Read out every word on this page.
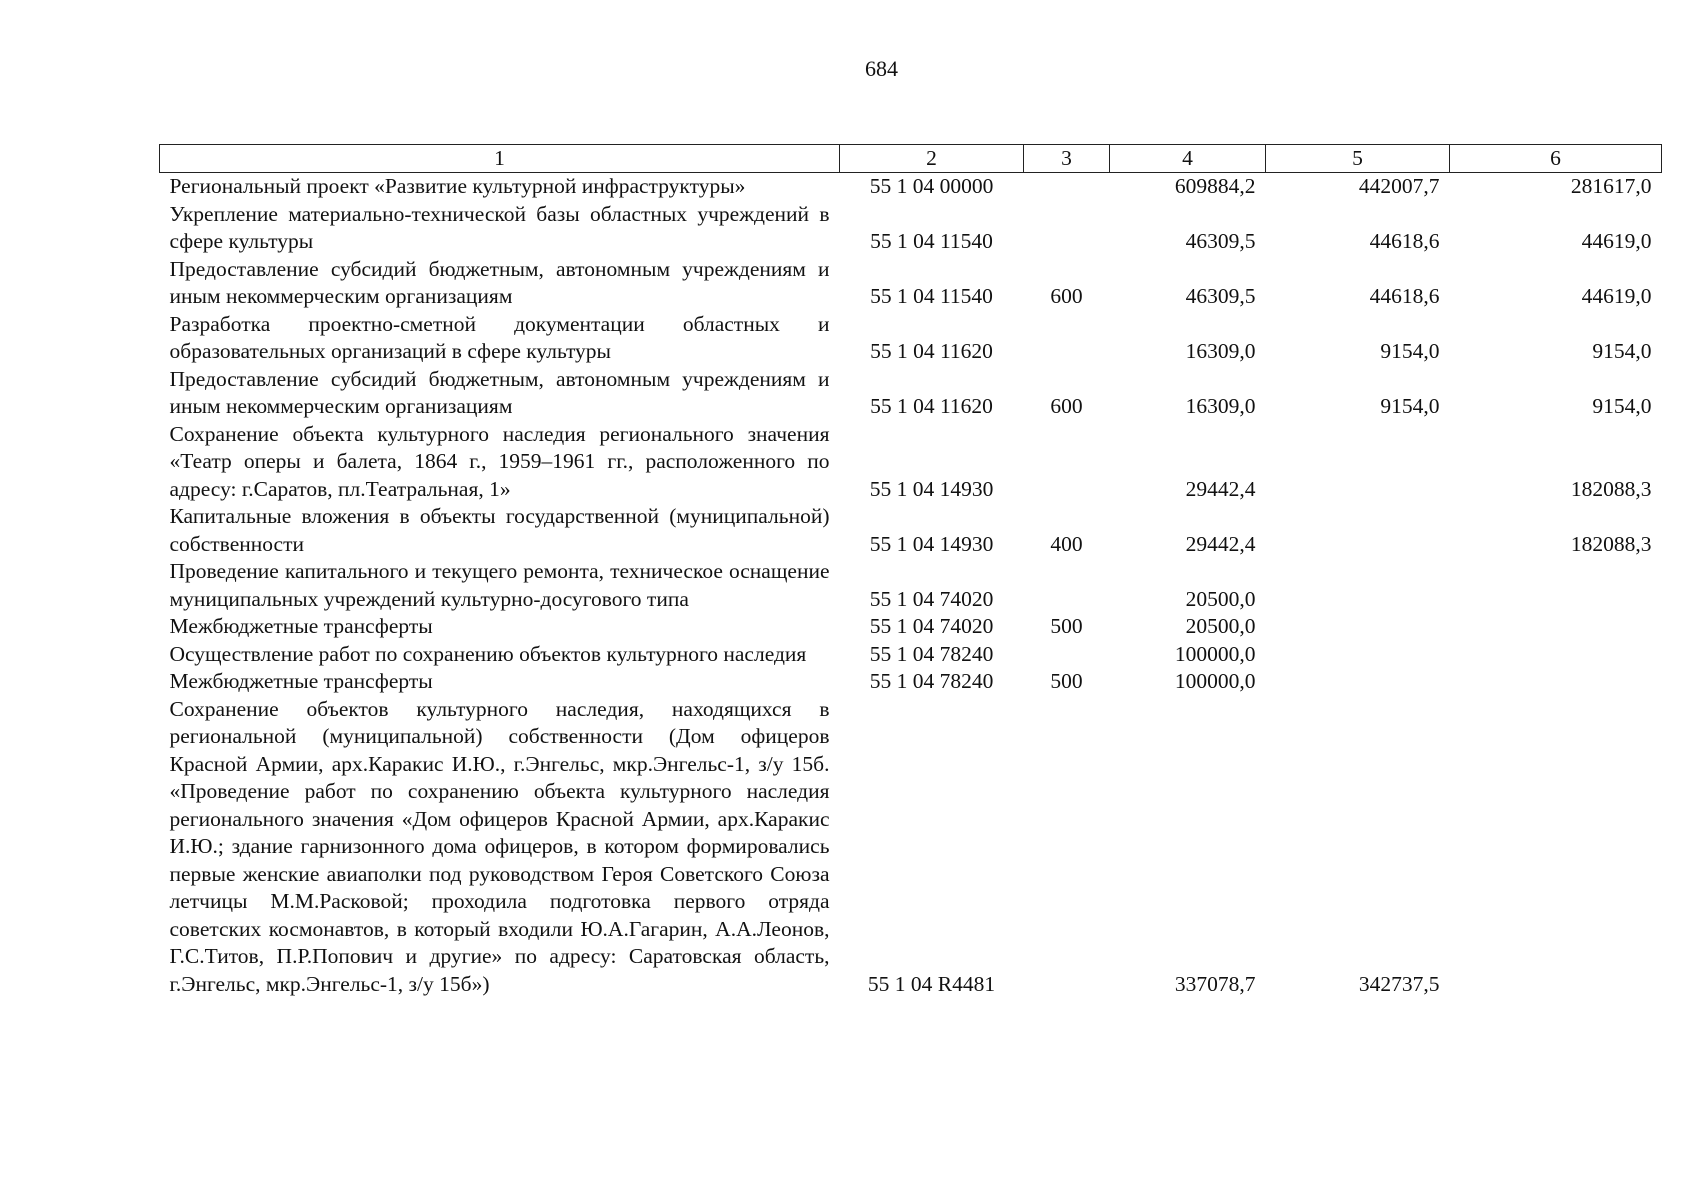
684
1	2	3	4	5	6
Региональный проект «Развитие культурной инфраструктуры»	55 1 04 00000		609884,2	442007,7	281617,0
Укрепление материально-технической базы областных учреждений в сфере культуры	55 1 04 11540		46309,5	44618,6	44619,0
Предоставление субсидий бюджетным, автономным учреждениям и иным некоммерческим организациям	55 1 04 11540	600	46309,5	44618,6	44619,0
Разработка проектно-сметной документации областных и образовательных организаций в сфере культуры	55 1 04 11620		16309,0	9154,0	9154,0
Предоставление субсидий бюджетным, автономным учреждениям и иным некоммерческим организациям	55 1 04 11620	600	16309,0	9154,0	9154,0
Сохранение объекта культурного наследия регионального значения «Театр оперы и балета, 1864 г., 1959–1961 гг., расположенного по адресу: г.Саратов, пл.Театральная, 1»	55 1 04 14930		29442,4		182088,3
Капитальные вложения в объекты государственной (муниципальной) собственности	55 1 04 14930	400	29442,4		182088,3
Проведение капитального и текущего ремонта, техническое оснащение муниципальных учреждений культурно-досугового типа	55 1 04 74020		20500,0		
Межбюджетные трансферты	55 1 04 74020	500	20500,0		
Осуществление работ по сохранению объектов культурного наследия	55 1 04 78240		100000,0		
Межбюджетные трансферты	55 1 04 78240	500	100000,0		
Сохранение объектов культурного наследия, находящихся в региональной (муниципальной) собственности (Дом офицеров Красной Армии, арх.Каракис И.Ю., г.Энгельс, мкр.Энгельс-1, з/у 15б. «Проведение работ по сохранению объекта культурного наследия регионального значения «Дом офицеров Красной Армии, арх.Каракис И.Ю.; здание гарнизонного дома офицеров, в котором формировались первые женские авиаполки под руководством Героя Советского Союза летчицы М.М.Расковой; проходила подготовка первого отряда советских космонавтов, в который входили Ю.А.Гагарин, А.А.Леонов, Г.С.Титов, П.Р.Попович и другие» по адресу: Саратовская область, г.Энгельс, мкр.Энгельс-1, з/у 15б»)	55 1 04 R4481		337078,7	342737,5	
